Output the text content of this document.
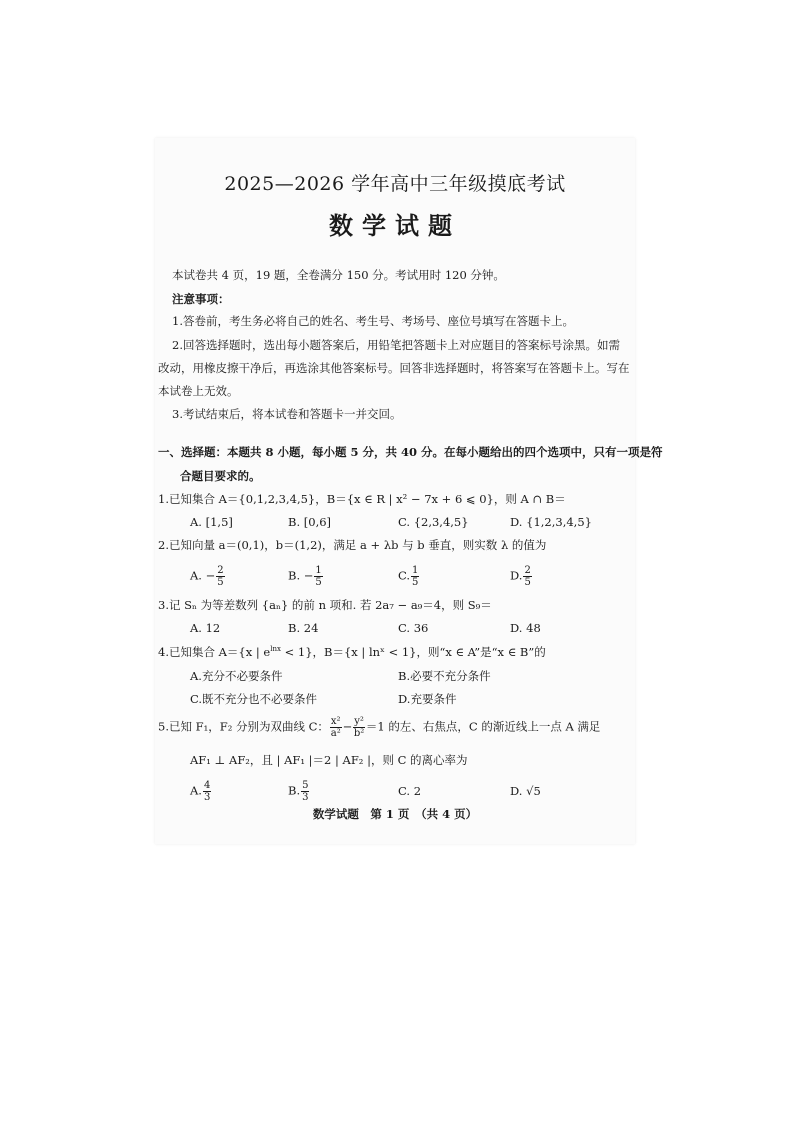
2025—2026 学年高中三年级摸底考试
数学试题
本试卷共 4 页，19 题，全卷满分 150 分。考试用时 120 分钟。
注意事项：
1.答卷前，考生务必将自己的姓名、考生号、考场号、座位号填写在答题卡上。
2.回答选择题时，选出每小题答案后，用铅笔把答题卡上对应题目的答案标号涂黑。如需
改动，用橡皮擦干净后，再选涂其他答案标号。回答非选择题时，将答案写在答题卡上。写在
本试卷上无效。
3.考试结束后，将本试卷和答题卡一并交回。
一、选择题：本题共 8 小题，每小题 5 分，共 40 分。在每小题给出的四个选项中，只有一项是符
合题目要求的。
1.已知集合 A＝{0,1,2,3,4,5}，B＝{x ∈ R | x² − 7x + 6 ⩽ 0}，则 A ∩ B＝
A. [1,5]	B. [0,6]	C. {2,3,4,5}	D. {1,2,3,4,5}
2.已知向量 a＝(0,1)，b＝(1,2)，满足 a + λb 与 b 垂直，则实数 λ 的值为
A. − $\frac{2}{5}$	B. − $\frac{1}{5}$	C. $\frac{1}{5}$	D. $\frac{2}{5}$
3.记 Sₙ 为等差数列 {aₙ} 的前 n 项和. 若 2a₇ − a₉＝4，则 S₉＝
A. 12	B. 24	C. 36	D. 48
4.已知集合 A＝{x | $e^{lnx} < 1$}，B＝{x | lnˣ < 1}，则“x ∈ A”是“x ∈ B”的
A.充分不必要条件	B.必要不充分条件
C.既不充分也不必要条件	D.充要条件
5.已知 F₁，F₂ 分别为双曲线 C： $\frac{\text{x²}}{\text{a²}} - \frac{\text{y²}}{\text{b²}} =1$ 的左、右焦点，C 的渐近线上一点 A 满足
AF₁ ⊥ AF₂，且 | AF₁ |＝2 | AF₂ |，则 C 的离心率为
A. $\frac{4}{3}$	B. $\frac{5}{3}$	C. 2	D. √5
数学试题　第 1 页　（共 4 页）
